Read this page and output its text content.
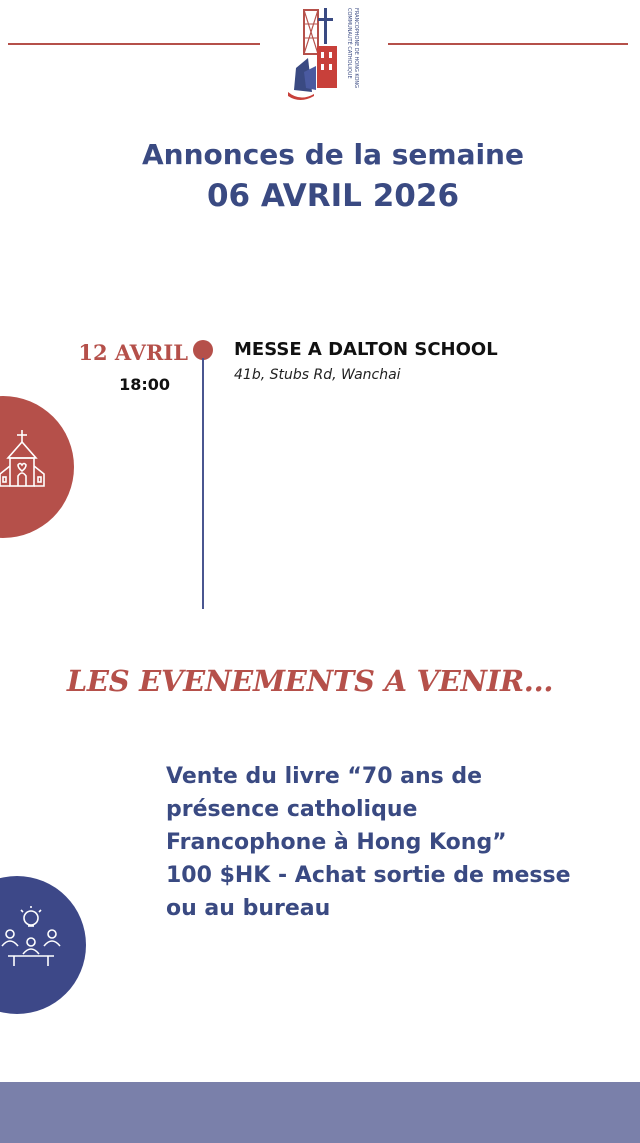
COMMUNAUTÉ CATHOLIQUE FRANCOPHONE DE HONG KONG
Annonces de la semaine
06 AVRIL 2026
12 AVRIL
18:00
MESSE A DALTON SCHOOL
41b, Stubs Rd, Wanchai
LES EVENEMENTS A VENIR...
Vente du livre “70 ans de
présence catholique
Francophone à Hong Kong”
100 $HK - Achat sortie de messe
ou au bureau
